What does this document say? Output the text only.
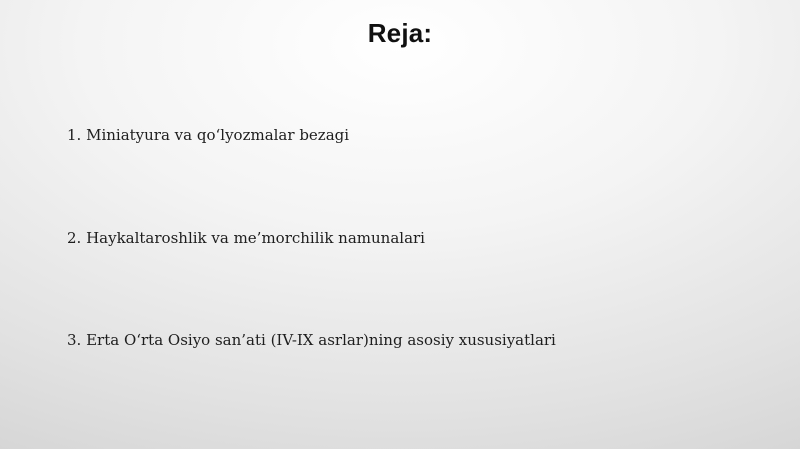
Reja:
1. Miniatyura va qo‘lyozmalar bezagi
2. Haykaltaroshlik va me’morchilik namunalari
3. Erta O‘rta Osiyo san’ati (IV-IX asrlar)ning asosiy xususiyatlari
